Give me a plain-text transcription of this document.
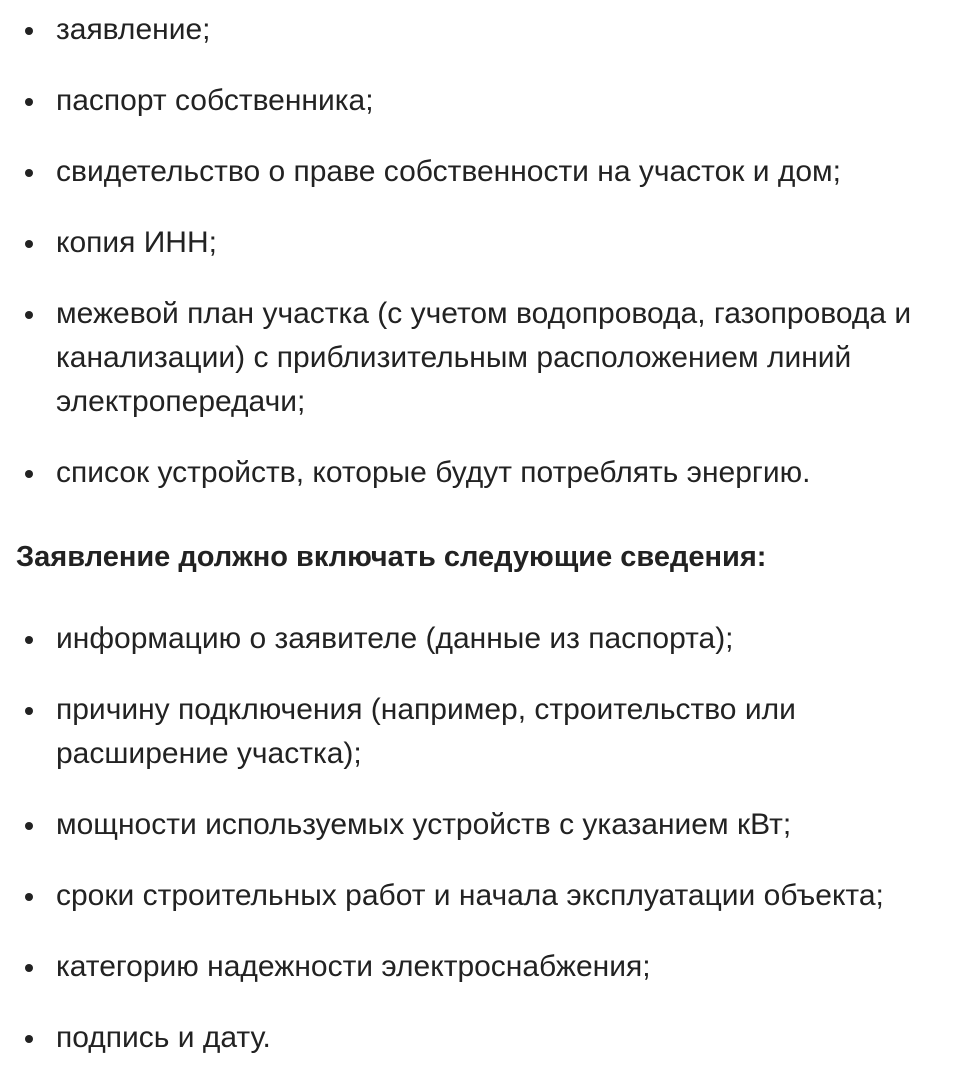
заявление;
паспорт собственника;
свидетельство о праве собственности на участок и дом;
копия ИНН;
межевой план участка (с учетом водопровода, газопровода и канализации) с приблизительным расположением линий электропередачи;
список устройств, которые будут потреблять энергию.

Заявление должно включать следующие сведения:

информацию о заявителе (данные из паспорта);
причину подключения (например, строительство или расширение участка);
мощности используемых устройств с указанием кВт;
сроки строительных работ и начала эксплуатации объекта;
категорию надежности электроснабжения;
подпись и дату.
